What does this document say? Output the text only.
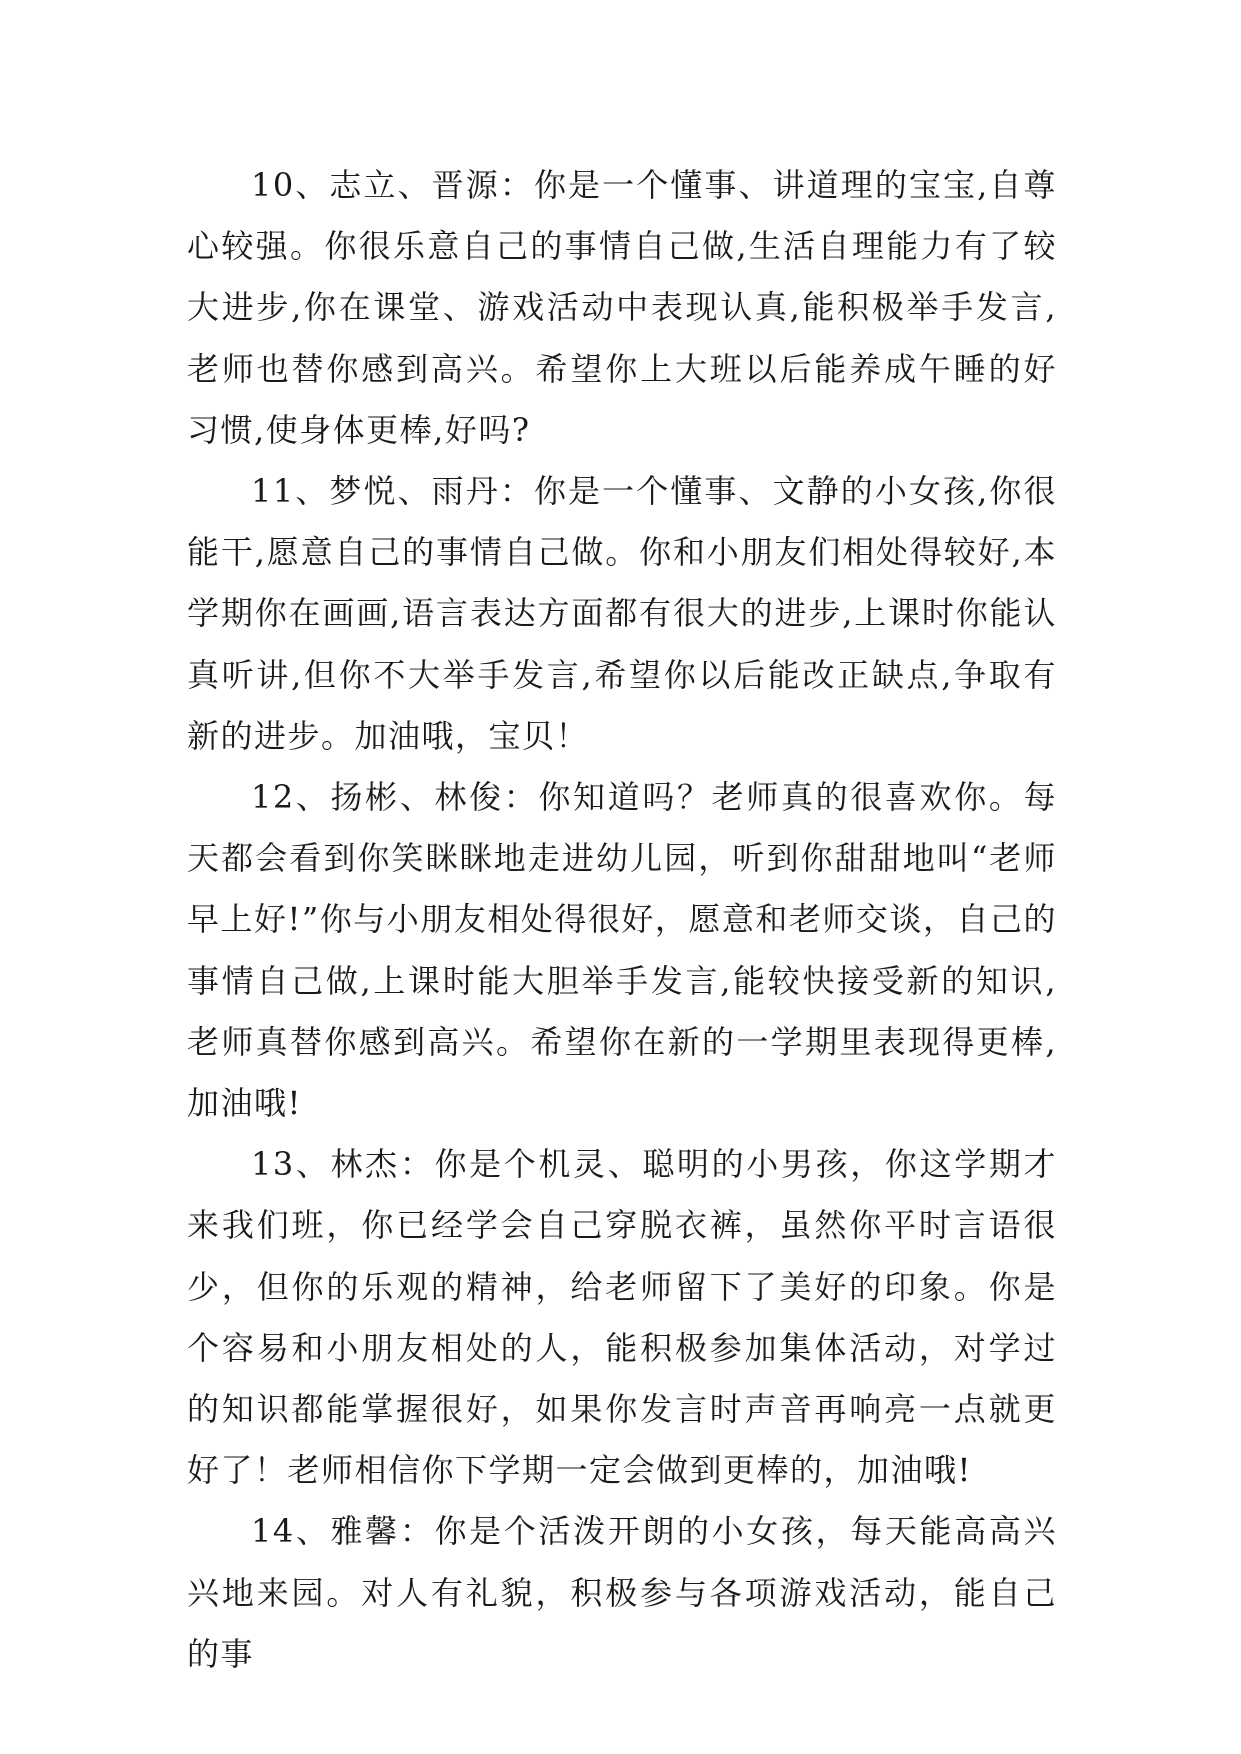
10、志立、晋源：你是一个懂事、讲道理的宝宝,自尊心较强。你很乐意自己的事情自己做,生活自理能力有了较大进步,你在课堂、游戏活动中表现认真,能积极举手发言,老师也替你感到高兴。希望你上大班以后能养成午睡的好习惯,使身体更棒,好吗?

11、梦悦、雨丹：你是一个懂事、文静的小女孩,你很能干,愿意自己的事情自己做。你和小朋友们相处得较好,本学期你在画画,语言表达方面都有很大的进步,上课时你能认真听讲,但你不大举手发言,希望你以后能改正缺点,争取有新的进步。加油哦，宝贝！

12、扬彬、林俊：你知道吗？老师真的很喜欢你。每天都会看到你笑眯眯地走进幼儿园，听到你甜甜地叫“老师早上好!”你与小朋友相处得很好，愿意和老师交谈，自己的事情自己做,上课时能大胆举手发言,能较快接受新的知识,老师真替你感到高兴。希望你在新的一学期里表现得更棒,加油哦!

13、林杰：你是个机灵、聪明的小男孩，你这学期才来我们班，你已经学会自己穿脱衣裤，虽然你平时言语很少，但你的乐观的精神，给老师留下了美好的印象。你是个容易和小朋友相处的人，能积极参加集体活动，对学过的知识都能掌握很好，如果你发言时声音再响亮一点就更好了！老师相信你下学期一定会做到更棒的，加油哦!

14、雅馨：你是个活泼开朗的小女孩，每天能高高兴兴地来园。对人有礼貌，积极参与各项游戏活动，能自己的事
